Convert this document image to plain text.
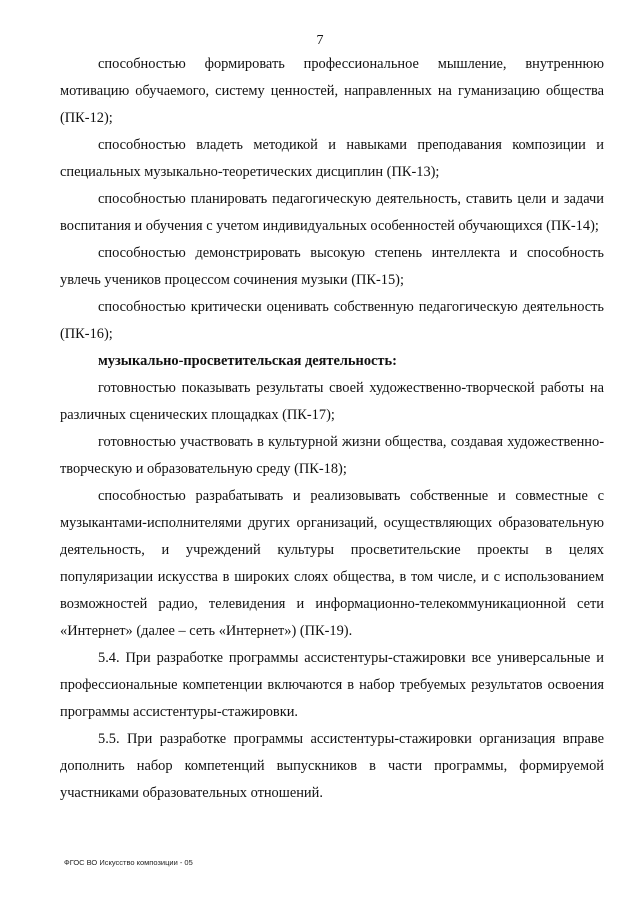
7

способностью формировать профессиональное мышление, внутреннюю мотивацию обучаемого, систему ценностей, направленных на гуманизацию общества (ПК-12);

способностью владеть методикой и навыками преподавания композиции и специальных музыкально-теоретических дисциплин (ПК-13);

способностью планировать педагогическую деятельность, ставить цели и задачи воспитания и обучения с учетом индивидуальных особенностей обучающихся (ПК-14);

способностью демонстрировать высокую степень интеллекта и способность увлечь учеников процессом сочинения музыки (ПК-15);

способностью критически оценивать собственную педагогическую деятельность (ПК-16);

музыкально-просветительская деятельность:

готовностью показывать результаты своей художественно-творческой работы на различных сценических площадках (ПК-17);

готовностью участвовать в культурной жизни общества, создавая художественно-творческую и образовательную среду (ПК-18);

способностью разрабатывать и реализовывать собственные и совместные с музыкантами-исполнителями других организаций, осуществляющих образовательную деятельность, и учреждений культуры просветительские проекты в целях популяризации искусства в широких слоях общества, в том числе, и с использованием возможностей радио, телевидения и информационно-телекоммуникационной сети «Интернет» (далее – сеть «Интернет») (ПК-19).

5.4. При разработке программы ассистентуры-стажировки все универсальные и профессиональные компетенции включаются в набор требуемых результатов освоения программы ассистентуры-стажировки.

5.5. При разработке программы ассистентуры-стажировки организация вправе дополнить набор компетенций выпускников в части программы, формируемой участниками образовательных отношений.

ФГОС ВО Искусство композиции - 05
